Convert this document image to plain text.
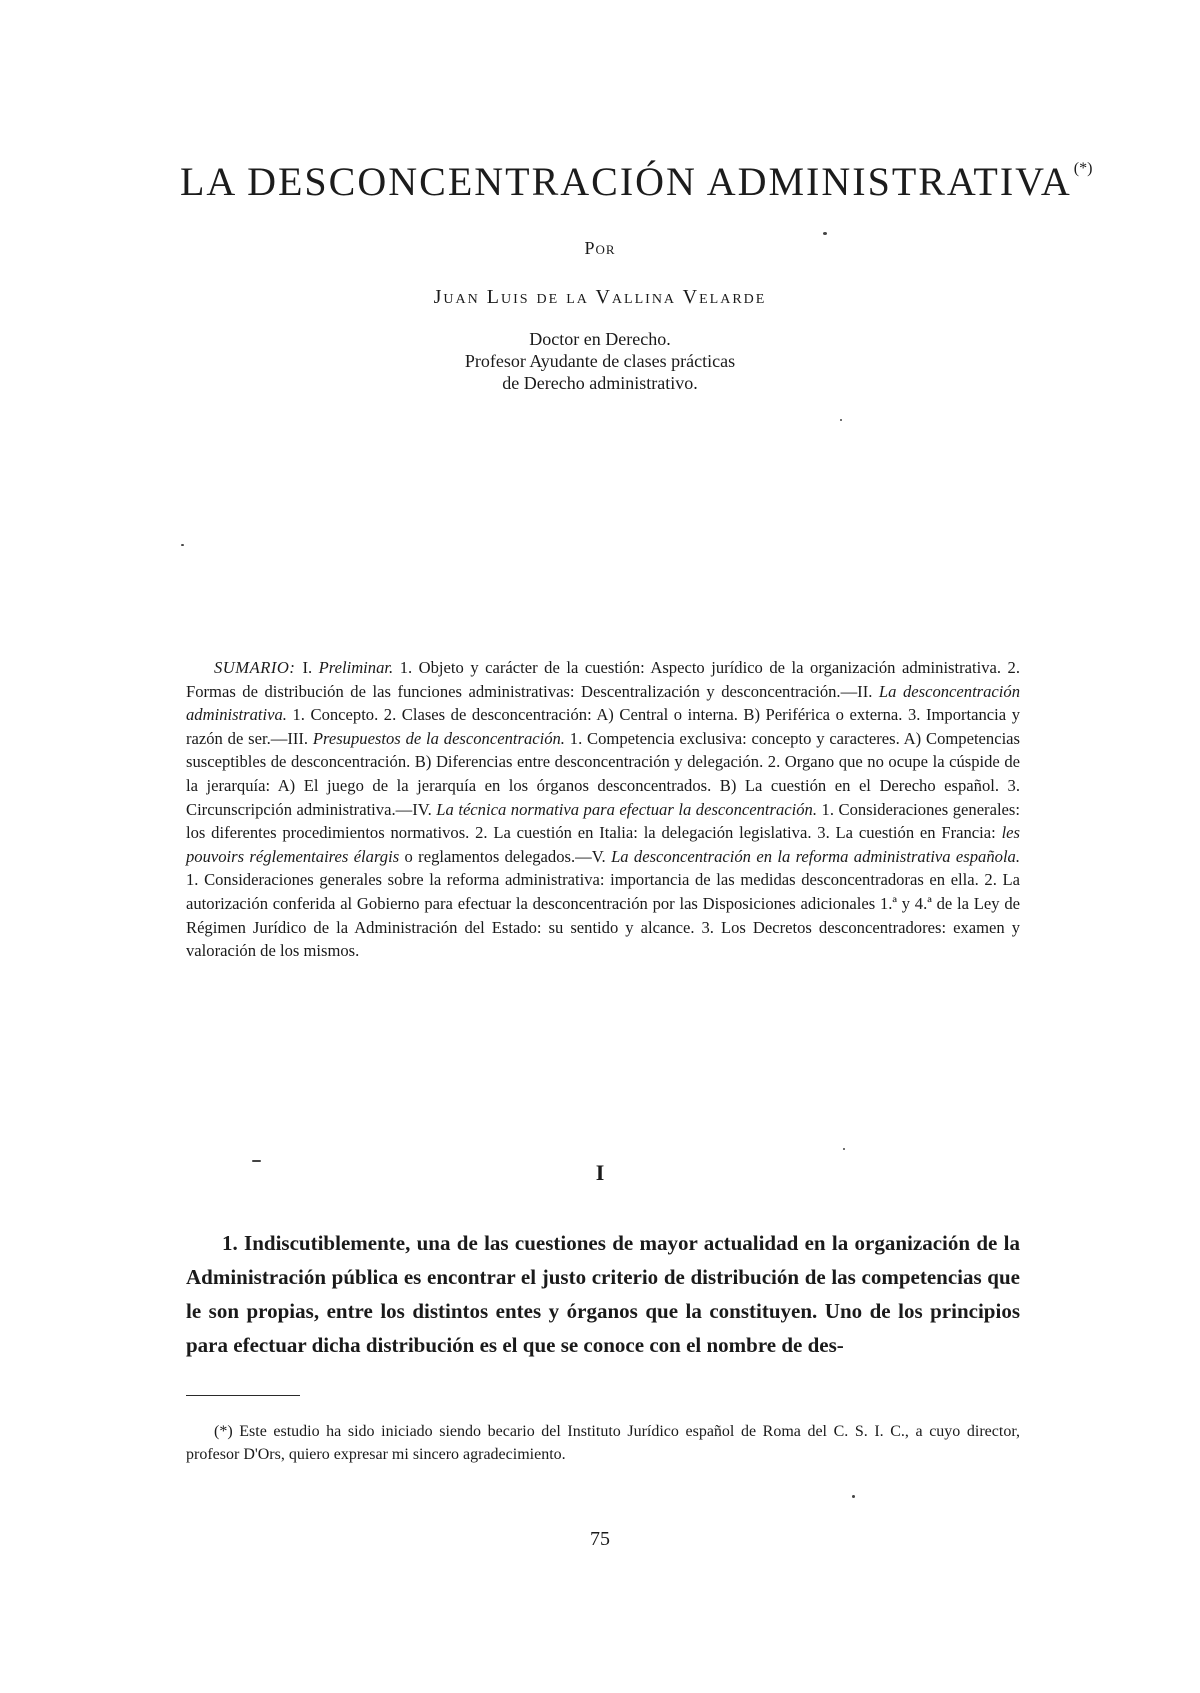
LA DESCONCENTRACIÓN ADMINISTRATIVA (*)
Por
Juan Luis de la Vallina Velarde
Doctor en Derecho.
Profesor Ayudante de clases prácticas
de Derecho administrativo.

SUMARIO: I. Preliminar. 1. Objeto y carácter de la cuestión: Aspecto jurídico de la organización administrativa. 2. Formas de distribución de las funciones administrativas: Descentralización y desconcentración.—II. La desconcentración administrativa. 1. Concepto. 2. Clases de desconcentración: A) Central o interna. B) Periférica o externa. 3. Importancia y razón de ser.—III. Presupuestos de la desconcentración. 1. Competencia exclusiva: concepto y caracteres. A) Competencias susceptibles de desconcentración. B) Diferencias entre desconcentración y delegación. 2. Organo que no ocupe la cúspide de la jerarquía: A) El juego de la jerarquía en los órganos desconcentrados. B) La cuestión en el Derecho español. 3. Circunscripción administrativa.—IV. La técnica normativa para efectuar la desconcentración. 1. Consideraciones generales: los diferentes procedimientos normativos. 2. La cuestión en Italia: la delegación legislativa. 3. La cuestión en Francia: les pouvoirs réglementaires élargis o reglamentos delegados.—V. La desconcentración en la reforma administrativa española. 1. Consideraciones generales sobre la reforma administrativa: importancia de las medidas desconcentradoras en ella. 2. La autorización conferida al Gobierno para efectuar la desconcentración por las Disposiciones adicionales 1.ª y 4.ª de la Ley de Régimen Jurídico de la Administración del Estado: su sentido y alcance. 3. Los Decretos desconcentradores: examen y valoración de los mismos.

I

1. Indiscutiblemente, una de las cuestiones de mayor actualidad en la organización de la Administración pública es encontrar el justo criterio de distribución de las competencias que le son propias, entre los distintos entes y órganos que la constituyen. Uno de los principios para efectuar dicha distribución es el que se conoce con el nombre de des-

(*) Este estudio ha sido iniciado siendo becario del Instituto Jurídico español de Roma del C. S. I. C., a cuyo director, profesor D'Ors, quiero expresar mi sincero agradecimiento.

75
